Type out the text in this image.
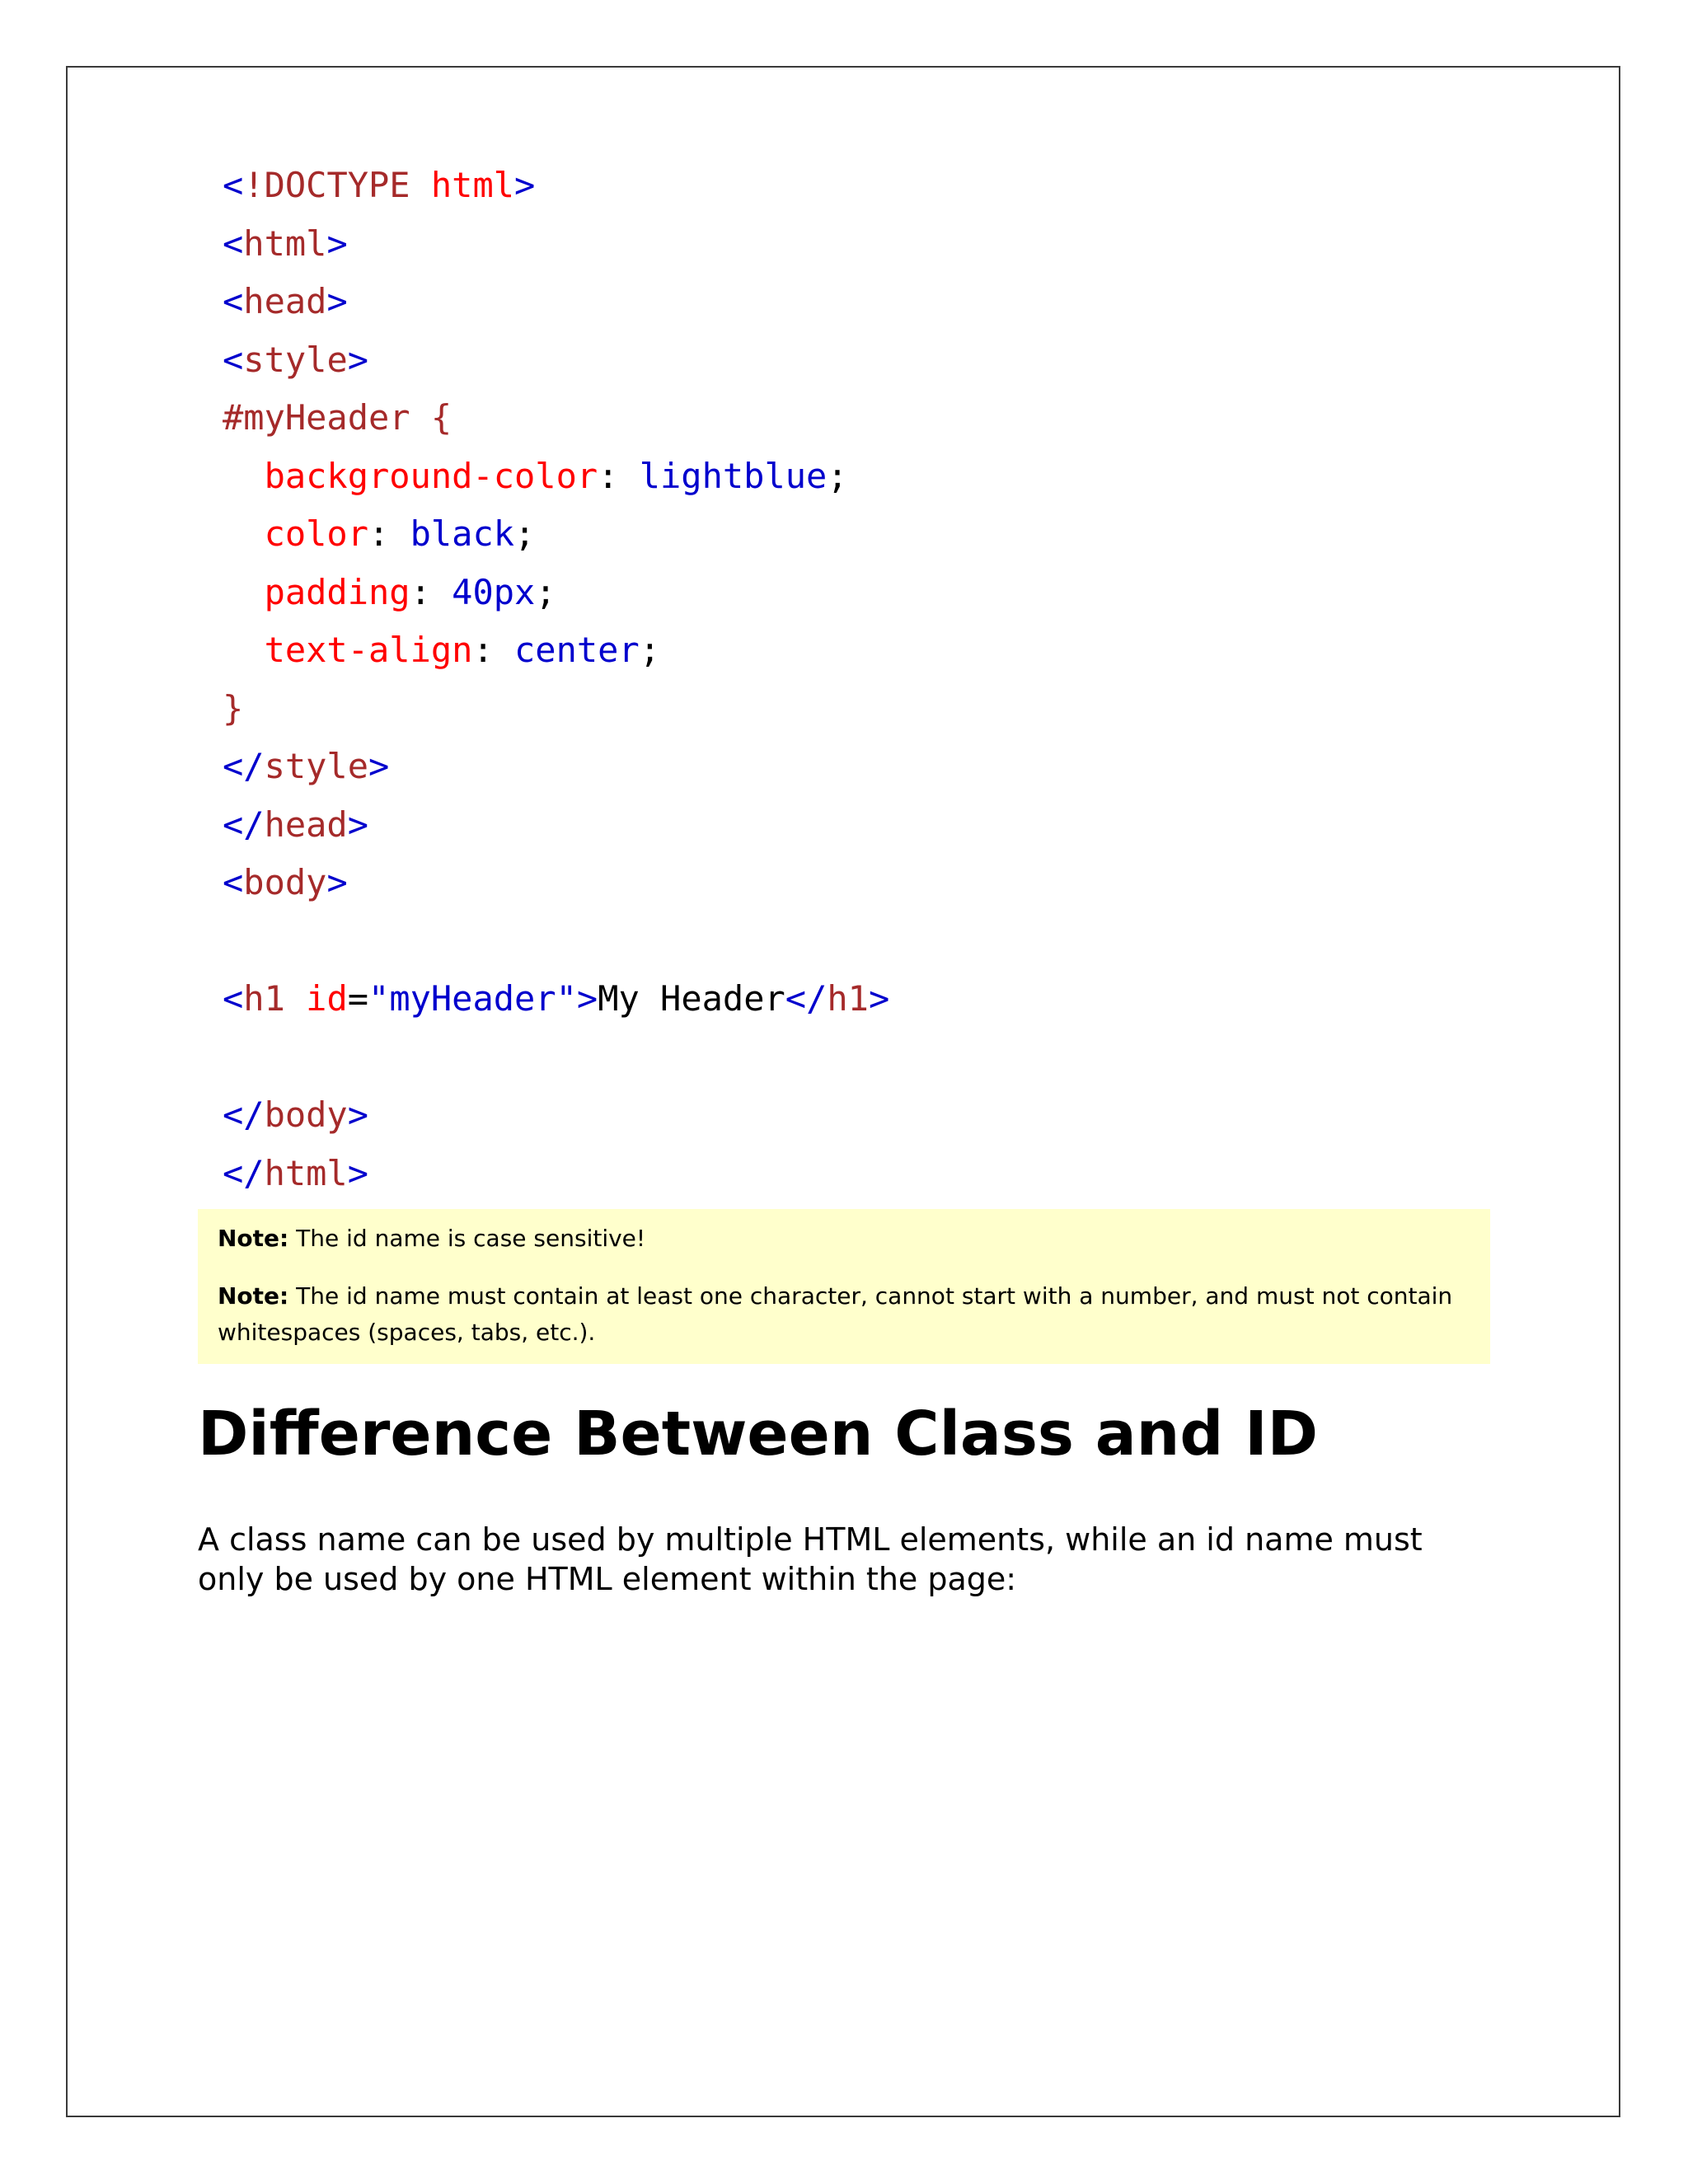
<!DOCTYPE html>
<html>
<head>
<style>
#myHeader {
background-color: lightblue;
color: black;
padding: 40px;
text-align: center;
}
</style>
</head>
<body>
<h1 id="myHeader">My Header</h1>
</body>
</html>

Note: The id name is case sensitive!

Note: The id name must contain at least one character, cannot start with a number, and must not contain whitespaces (spaces, tabs, etc.).

Difference Between Class and ID

A class name can be used by multiple HTML elements, while an id name must only be used by one HTML element within the page:
